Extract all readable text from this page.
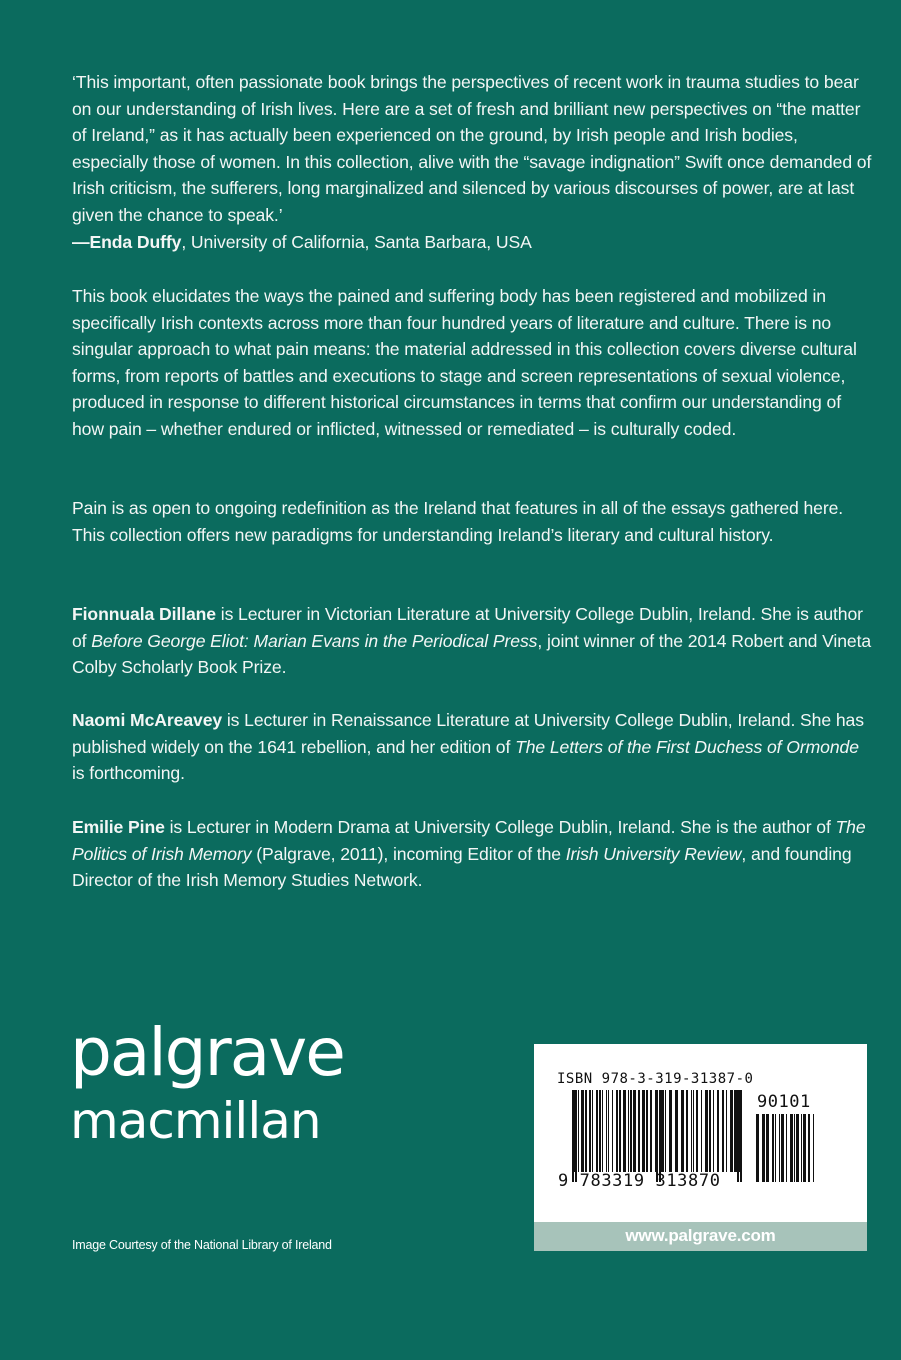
‘This important, often passionate book brings the perspectives of recent work in trauma studies to bear on our understanding of Irish lives. Here are a set of fresh and brilliant new perspectives on “the matter of Ireland,” as it has actually been experienced on the ground, by Irish people and Irish bodies, especially those of women. In this collection, alive with the “savage indignation” Swift once demanded of Irish criticism, the sufferers, long marginalized and silenced by various discourses of power, are at last given the chance to speak.’

—Enda Duffy, University of California, Santa Barbara, USA

This book elucidates the ways the pained and suffering body has been registered and mobilized in specifically Irish contexts across more than four hundred years of literature and culture. There is no singular approach to what pain means: the material addressed in this collection covers diverse cultural forms, from reports of battles and executions to stage and screen representations of sexual violence, produced in response to different historical circumstances in terms that confirm our understanding of how pain – whether endured or inflicted, witnessed or remediated – is culturally coded.

Pain is as open to ongoing redefinition as the Ireland that features in all of the essays gathered here. This collection offers new paradigms for understanding Ireland’s literary and cultural history.

Fionnuala Dillane is Lecturer in Victorian Literature at University College Dublin, Ireland. She is author of Before George Eliot: Marian Evans in the Periodical Press, joint winner of the 2014 Robert and Vineta Colby Scholarly Book Prize.

Naomi McAreavey is Lecturer in Renaissance Literature at University College Dublin, Ireland. She has published widely on the 1641 rebellion, and her edition of The Letters of the First Duchess of Ormonde is forthcoming.

Emilie Pine is Lecturer in Modern Drama at University College Dublin, Ireland. She is the author of The Politics of Irish Memory (Palgrave, 2011), incoming Editor of the Irish University Review, and founding Director of the Irish Memory Studies Network.

palgrave
macmillan
Image Courtesy of the National Library of Ireland
ISBN 978-3-319-31387-0
9 783319 313870
90101
www.palgrave.com
